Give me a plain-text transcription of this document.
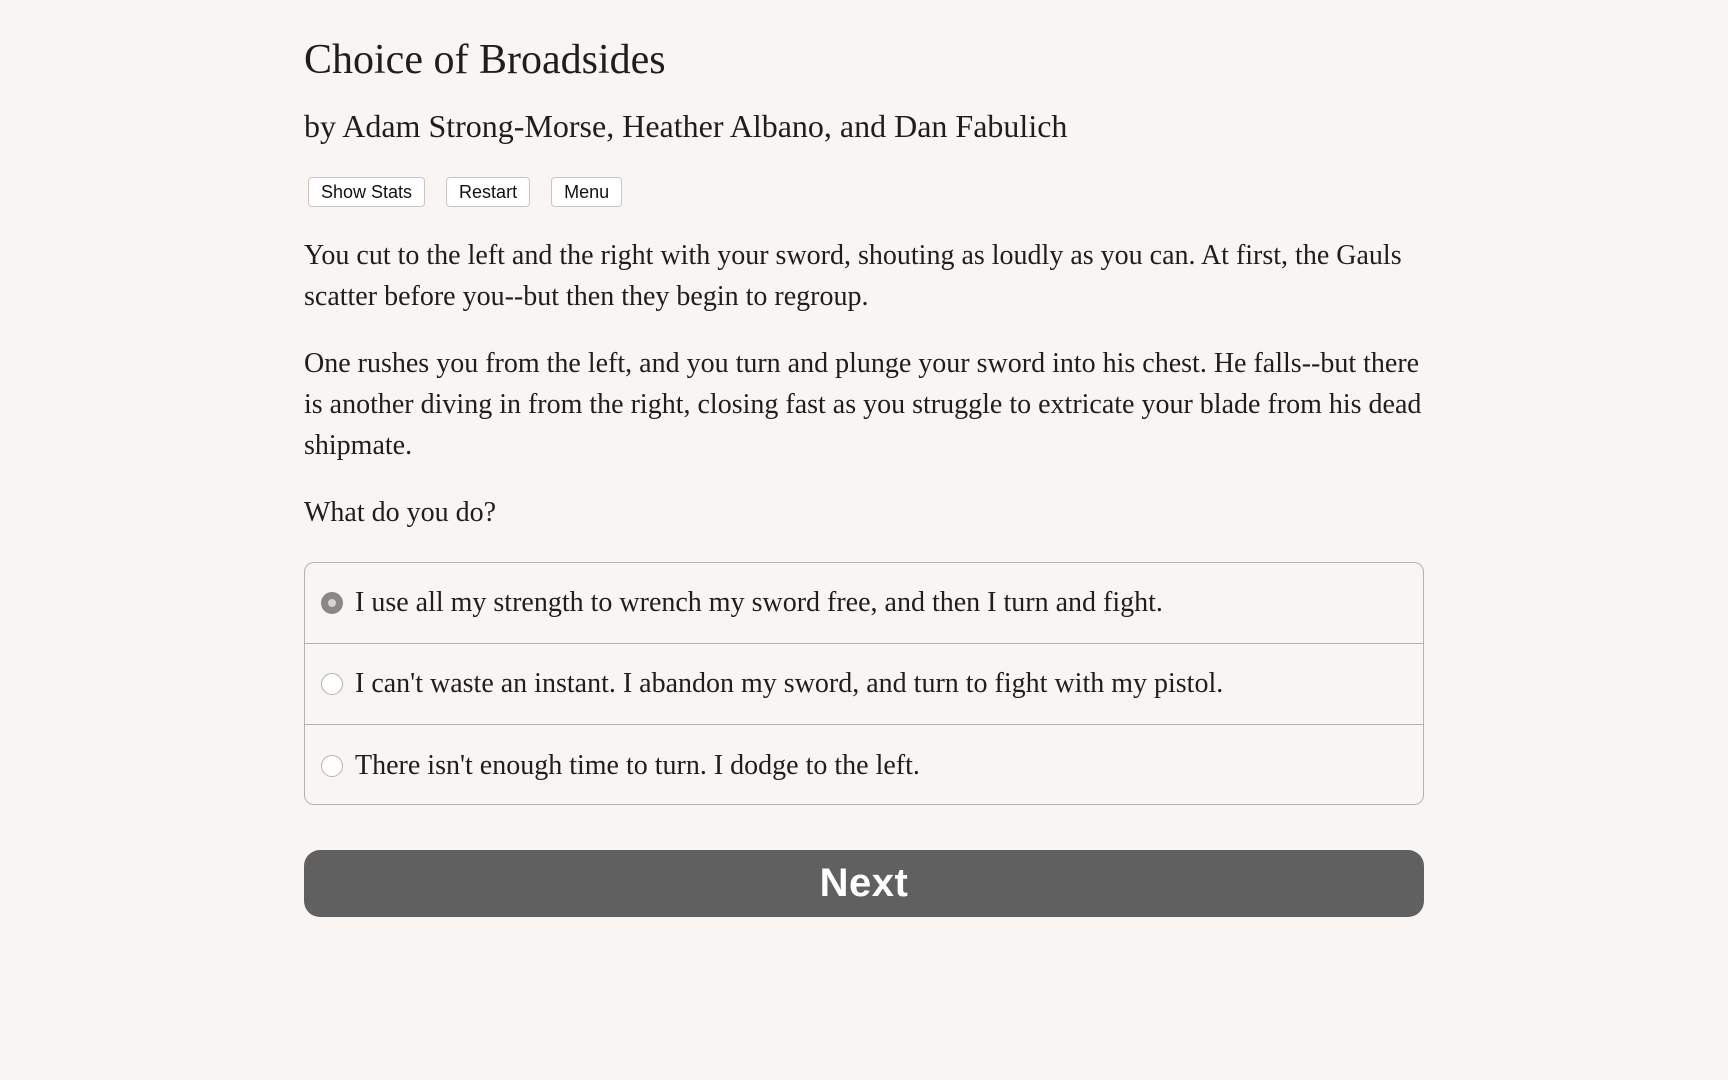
Choice of Broadsides
by Adam Strong-Morse, Heather Albano, and Dan Fabulich
Show Stats	Restart	Menu

You cut to the left and the right with your sword, shouting as loudly as you can. At first, the Gauls scatter before you--but then they begin to regroup.

One rushes you from the left, and you turn and plunge your sword into his chest. He falls--but there is another diving in from the right, closing fast as you struggle to extricate your blade from his dead shipmate.

What do you do?

I use all my strength to wrench my sword free, and then I turn and fight.
I can't waste an instant. I abandon my sword, and turn to fight with my pistol.
There isn't enough time to turn. I dodge to the left.
Next
